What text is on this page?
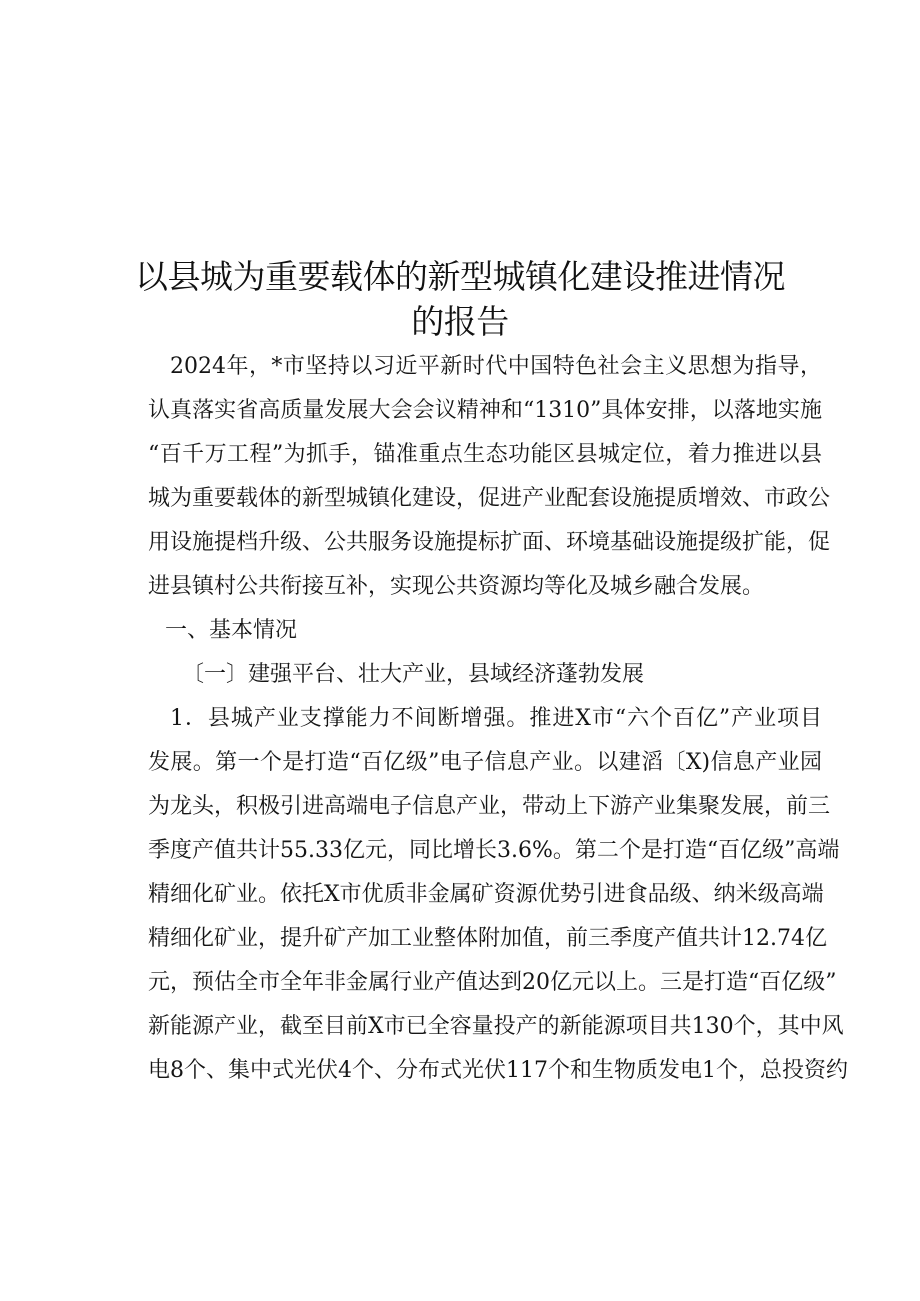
以县城为重要载体的新型城镇化建设推进情况
的报告
2024年，*市坚持以习近平新时代中国特色社会主义思想为指导，
认真落实省高质量发展大会会议精神和“1310”具体安排，以落地实施
“百千万工程”为抓手，锚准重点生态功能区县城定位，着力推进以县
城为重要载体的新型城镇化建设，促进产业配套设施提质增效、市政公
用设施提档升级、公共服务设施提标扩面、环境基础设施提级扩能，促
进县镇村公共衔接互补，实现公共资源均等化及城乡融合发展。
一、基本情况
〔一〕建强平台、壮大产业，县域经济蓬勃发展
1．县城产业支撑能力不间断增强。推进X市“六个百亿”产业项目
发展。第一个是打造“百亿级”电子信息产业。以建滔〔X)信息产业园
为龙头，积极引进高端电子信息产业，带动上下游产业集聚发展，前三
季度产值共计55.33亿元，同比增长3.6%。第二个是打造“百亿级”高端
精细化矿业。依托X市优质非金属矿资源优势引进食品级、纳米级高端
精细化矿业，提升矿产加工业整体附加值，前三季度产值共计12.74亿
元，预估全市全年非金属行业产值达到20亿元以上。三是打造“百亿级”
新能源产业，截至目前X市已全容量投产的新能源项目共130个，其中风
电8个、集中式光伏4个、分布式光伏117个和生物质发电1个，总投资约
